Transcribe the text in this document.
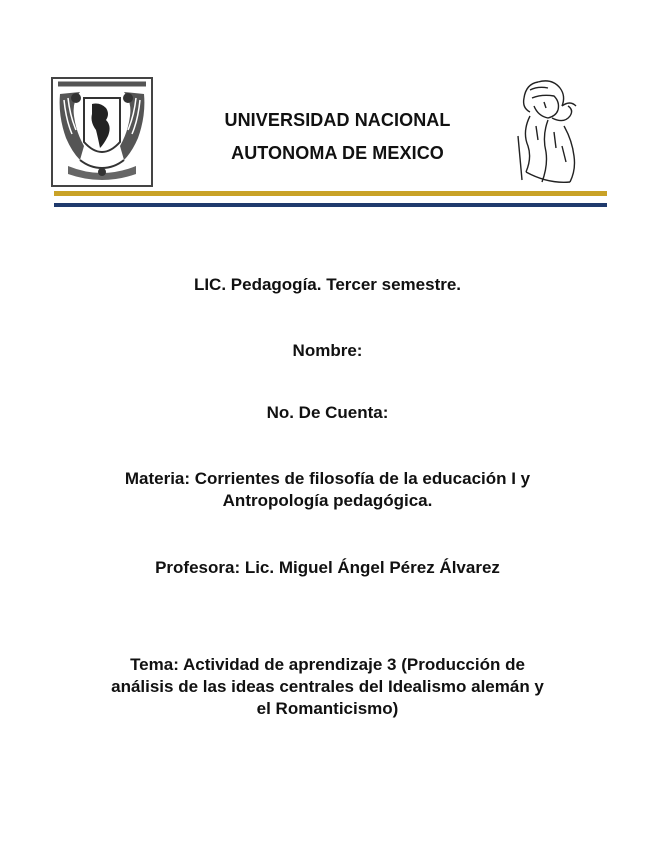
UNIVERSIDAD NACIONAL
AUTONOMA DE MEXICO
LIC. Pedagogía. Tercer semestre.
Nombre:
No. De Cuenta:
Materia: Corrientes de filosofía de la educación I y
Antropología pedagógica.
Profesora: Lic. Miguel Ángel Pérez Álvarez
Tema: Actividad de aprendizaje 3 (Producción de
análisis de las ideas centrales del Idealismo alemán y
el Romanticismo)
